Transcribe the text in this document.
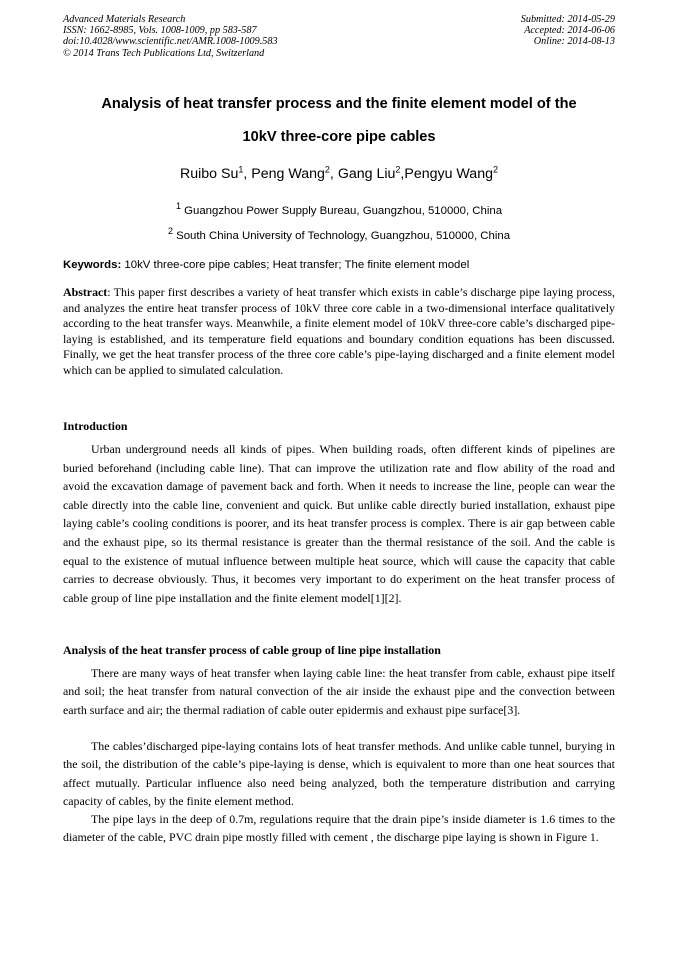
Advanced Materials Research
ISSN: 1662-8985, Vols. 1008-1009, pp 583-587
doi:10.4028/www.scientific.net/AMR.1008-1009.583
© 2014 Trans Tech Publications Ltd, Switzerland
Submitted: 2014-05-29
Accepted: 2014-06-06
Online: 2014-08-13
Analysis of heat transfer process and the finite element model of the
10kV three-core pipe cables
Ruibo Su$^1$, Peng Wang$^2$, Gang Liu$^2$,Pengyu Wang$^2$
$^1$ Guangzhou Power Supply Bureau, Guangzhou, 510000, China
$^2$ South China University of Technology, Guangzhou, 510000, China
Keywords: 10kV three-core pipe cables; Heat transfer; The finite element model
Abstract: This paper first describes a variety of heat transfer which exists in cable’s discharge pipe laying process, and analyzes the entire heat transfer process of 10kV three core cable in a two-dimensional interface qualitatively according to the heat transfer ways. Meanwhile, a finite element model of 10kV three-core cable’s discharged pipe-laying is established, and its temperature field equations and boundary condition equations has been discussed. Finally, we get the heat transfer process of the three core cable’s pipe-laying discharged and a finite element model which can be applied to simulated calculation.
Introduction
Urban underground needs all kinds of pipes. When building roads, often different kinds of pipelines are buried beforehand (including cable line). That can improve the utilization rate and flow ability of the road and avoid the excavation damage of pavement back and forth. When it needs to increase the line, people can wear the cable directly into the cable line, convenient and quick. But unlike cable directly buried installation, exhaust pipe laying cable’s cooling conditions is poorer, and its heat transfer process is complex. There is air gap between cable and the exhaust pipe, so its thermal resistance is greater than the thermal resistance of the soil. And the cable is equal to the existence of mutual influence between multiple heat source, which will cause the capacity that cable carries to decrease obviously. Thus, it becomes very important to do experiment on the heat transfer process of cable group of line pipe installation and the finite element model[1][2].
Analysis of the heat transfer process of cable group of line pipe installation
There are many ways of heat transfer when laying cable line: the heat transfer from cable, exhaust pipe itself and soil; the heat transfer from natural convection of the air inside the exhaust pipe and the convection between earth surface and air; the thermal radiation of cable outer epidermis and exhaust pipe surface[3].
The cables’discharged pipe-laying contains lots of heat transfer methods. And unlike cable tunnel, burying in the soil, the distribution of the cable’s pipe-laying is dense, which is equivalent to more than one heat sources that affect mutually. Particular influence also need being analyzed, both the temperature distribution and carrying capacity of cables, by the finite element method.
The pipe lays in the deep of 0.7m, regulations require that the drain pipe’s inside diameter is 1.6 times to the diameter of the cable, PVC drain pipe mostly filled with cement , the discharge pipe laying is shown in Figure 1.
